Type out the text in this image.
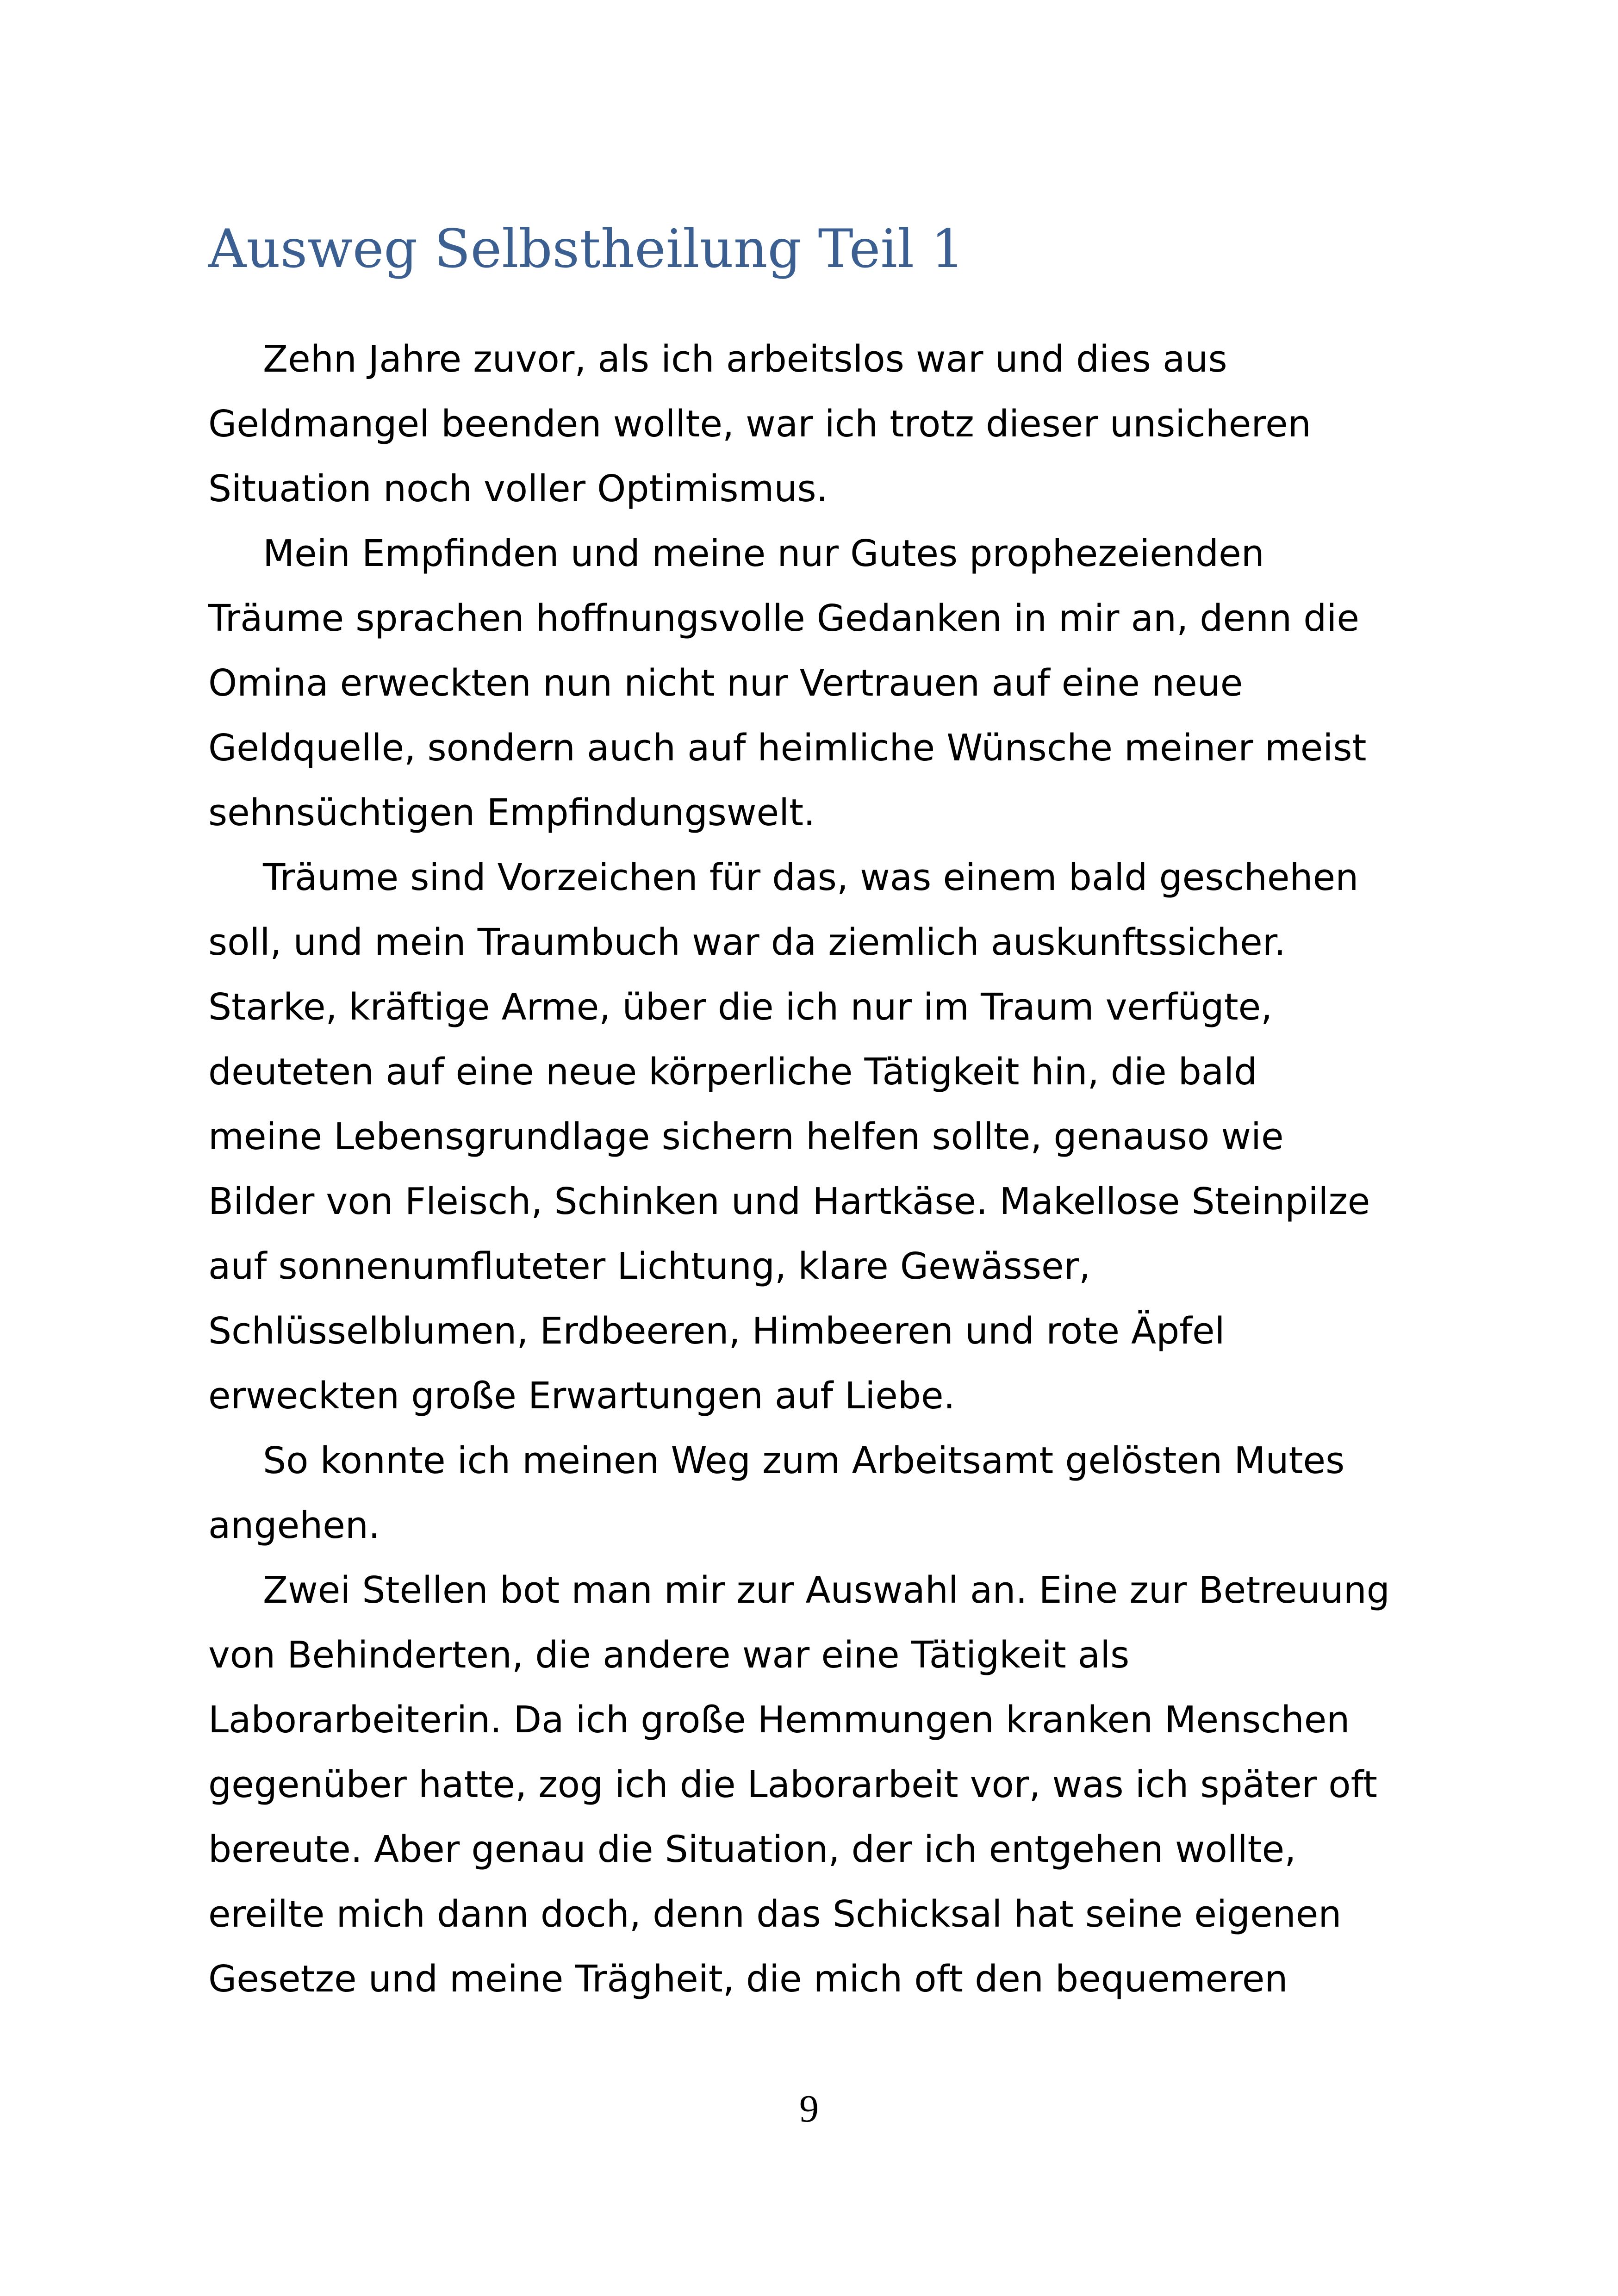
Ausweg Selbstheilung Teil 1
Zehn Jahre zuvor, als ich arbeitslos war und dies aus
Geldmangel beenden wollte, war ich trotz dieser unsicheren
Situation noch voller Optimismus.
Mein Empfinden und meine nur Gutes prophezeienden
Träume sprachen hoffnungsvolle Gedanken in mir an, denn die
Omina erweckten nun nicht nur Vertrauen auf eine neue
Geldquelle, sondern auch auf heimliche Wünsche meiner meist
sehnsüchtigen Empfindungswelt.
Träume sind Vorzeichen für das, was einem bald geschehen
soll, und mein Traumbuch war da ziemlich auskunftssicher.
Starke, kräftige Arme, über die ich nur im Traum verfügte,
deuteten auf eine neue körperliche Tätigkeit hin, die bald
meine Lebensgrundlage sichern helfen sollte, genauso wie
Bilder von Fleisch, Schinken und Hartkäse. Makellose Steinpilze
auf sonnenumfluteter Lichtung, klare Gewässer,
Schlüsselblumen, Erdbeeren, Himbeeren und rote Äpfel
erweckten große Erwartungen auf Liebe.
So konnte ich meinen Weg zum Arbeitsamt gelösten Mutes
angehen.
Zwei Stellen bot man mir zur Auswahl an. Eine zur Betreuung
von Behinderten, die andere war eine Tätigkeit als
Laborarbeiterin. Da ich große Hemmungen kranken Menschen
gegenüber hatte, zog ich die Laborarbeit vor, was ich später oft
bereute. Aber genau die Situation, der ich entgehen wollte,
ereilte mich dann doch, denn das Schicksal hat seine eigenen
Gesetze und meine Trägheit, die mich oft den bequemeren
9
